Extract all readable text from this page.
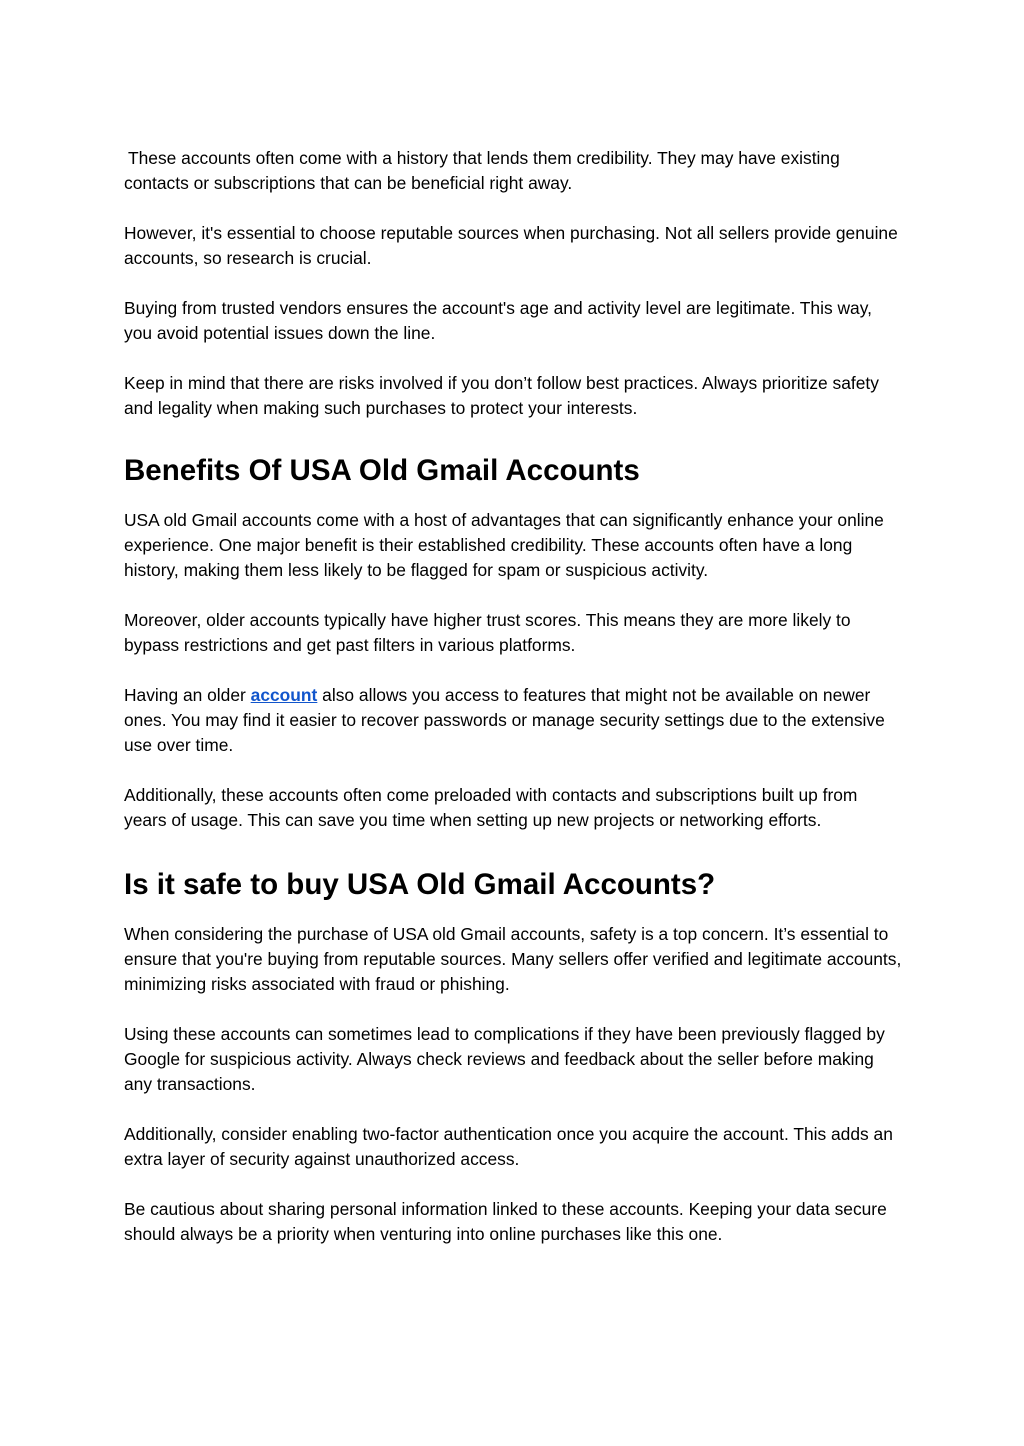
These accounts often come with a history that lends them credibility. They may have existing contacts or subscriptions that can be beneficial right away.

However, it's essential to choose reputable sources when purchasing. Not all sellers provide genuine accounts, so research is crucial.

Buying from trusted vendors ensures the account's age and activity level are legitimate. This way, you avoid potential issues down the line.

Keep in mind that there are risks involved if you don’t follow best practices. Always prioritize safety and legality when making such purchases to protect your interests.

Benefits Of USA Old Gmail Accounts

USA old Gmail accounts come with a host of advantages that can significantly enhance your online experience. One major benefit is their established credibility. These accounts often have a long history, making them less likely to be flagged for spam or suspicious activity.

Moreover, older accounts typically have higher trust scores. This means they are more likely to bypass restrictions and get past filters in various platforms.

Having an older account also allows you access to features that might not be available on newer ones. You may find it easier to recover passwords or manage security settings due to the extensive use over time.

Additionally, these accounts often come preloaded with contacts and subscriptions built up from years of usage. This can save you time when setting up new projects or networking efforts.

Is it safe to buy USA Old Gmail Accounts?

When considering the purchase of USA old Gmail accounts, safety is a top concern. It’s essential to ensure that you're buying from reputable sources. Many sellers offer verified and legitimate accounts, minimizing risks associated with fraud or phishing.

Using these accounts can sometimes lead to complications if they have been previously flagged by Google for suspicious activity. Always check reviews and feedback about the seller before making any transactions.

Additionally, consider enabling two-factor authentication once you acquire the account. This adds an extra layer of security against unauthorized access.

Be cautious about sharing personal information linked to these accounts. Keeping your data secure should always be a priority when venturing into online purchases like this one.
